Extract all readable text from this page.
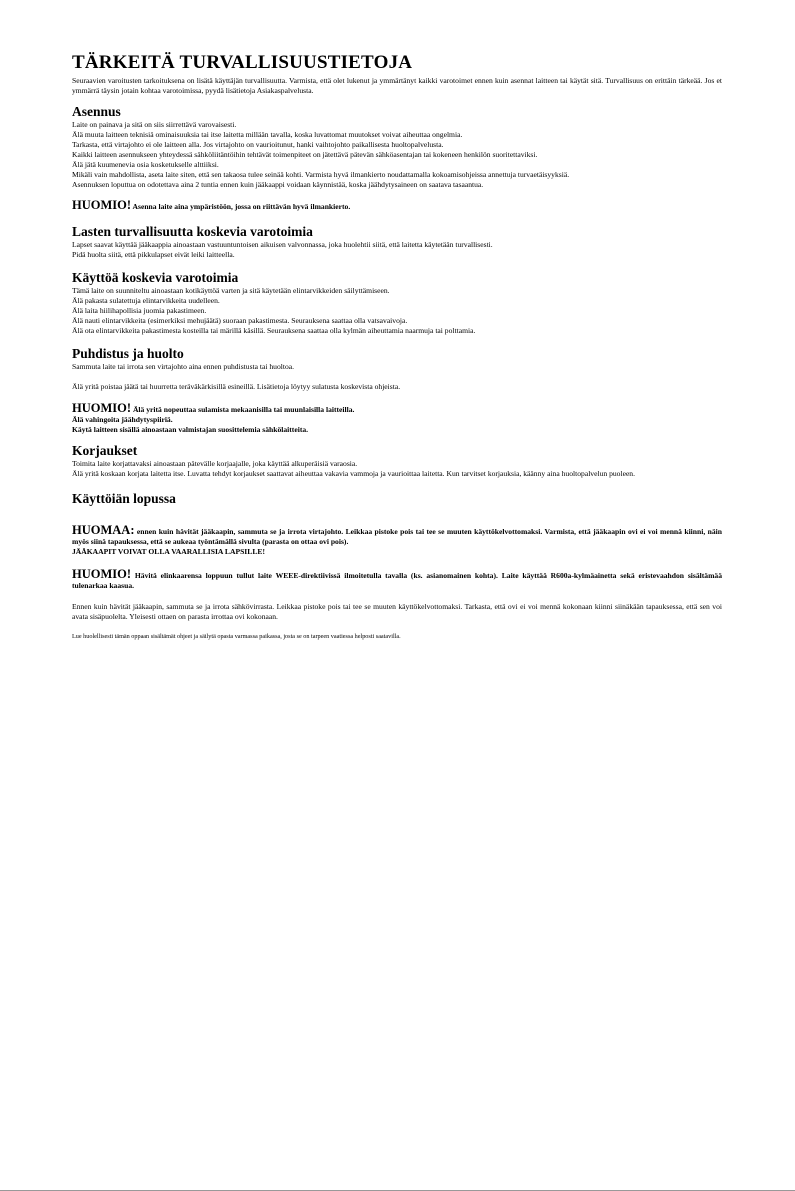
TÄRKEITÄ TURVALLISUUSTIETOJA

Seuraavien varoitusten tarkoituksena on lisätä käyttäjän turvallisuutta. Varmista, että olet lukenut ja ymmärtänyt kaikki varotoimet ennen kuin asennat laitteen tai käytät sitä. Turvallisuus on erittäin tärkeää. Jos et ymmärrä täysin jotain kohtaa varotoimissa, pyydä lisätietoja Asiakaspalvelusta.

Asennus

Laite on painava ja sitä on siis siirrettävä varovaisesti.

Älä muuta laitteen teknisiä ominaisuuksia tai itse laitetta millään tavalla, koska luvattomat muutokset voivat aiheuttaa ongelmia.

Tarkasta, että virtajohto ei ole laitteen alla. Jos virtajohto on vaurioitunut, hanki vaihtojohto paikallisesta huoltopalvelusta.

Kaikki laitteen asennukseen yhteydessä sähköliitäntöihin tehtävät toimenpiteet on jätettävä pätevän sähköasentajan tai kokeneen henkilön suoritettaviksi.

Älä jätä kuumenevia osia kosketukselle alttiiksi.

Mikäli vain mahdollista, aseta laite siten, että sen takaosa tulee seinää kohti. Varmista hyvä ilmankierto noudattamalla kokoamisohjeissa annettuja turvaetäisyyksiä.

Asennuksen loputtua on odotettava aina 2 tuntia ennen kuin jääkaappi voidaan käynnistää, koska jäähdytysaineen on saatava tasaantua.

HUOMIO! Asenna laite aina ympäristöön, jossa on riittävän hyvä ilmankierto.
Lasten turvallisuutta koskevia varotoimia

Lapset saavat käyttää jääkaappia ainoastaan vastuuntuntoisen aikuisen valvonnassa, joka huolehtii siitä, että laitetta käytetään turvallisesti.

Pidä huolta siitä, että pikkulapset eivät leiki laitteella.

Käyttöä koskevia varotoimia

Tämä laite on suunniteltu ainoastaan kotikäyttöä varten ja sitä käytetään elintarvikkeiden säilyttämiseen.

Älä pakasta sulatettuja elintarvikkeita uudelleen.

Älä laita hiilihapollisia juomia pakastimeen.

Älä nauti elintarvikkeita (esimerkiksi mehujäätä) suoraan pakastimesta. Seurauksena saattaa olla vatsavaivoja.

Älä ota elintarvikkeita pakastimesta kosteilla tai märillä käsillä. Seurauksena saattaa olla kylmän aiheuttamia naarmuja tai polttamia.

Puhdistus ja huolto

Sammuta laite tai irrota sen virtajohto aina ennen puhdistusta tai huoltoa.

Älä yritä poistaa jäätä tai huurretta teräväkärkisillä esineillä. Lisätietoja löytyy sulatusta koskevista ohjeista.

HUOMIO! Älä yritä nopeuttaa sulamista mekaanisilla tai muunlaisilla laitteilla.
Älä vahingoita jäähdytyspiiriä.
Käytä laitteen sisällä ainoastaan valmistajan suosittelemia sähkölaitteita.
Korjaukset

Toimita laite korjattavaksi ainoastaan pätevälle korjaajalle, joka käyttää alkuperäisiä varaosia.

Älä yritä koskaan korjata laitetta itse. Luvatta tehdyt korjaukset saattavat aiheuttaa vakavia vammoja ja vaurioittaa laitetta. Kun tarvitset korjauksia, käänny aina huoltopalvelun puoleen.

Käyttöiän lopussa
HUOMAA: ennen kuin hävität jääkaapin, sammuta se ja irrota virtajohto. Leikkaa pistoke pois tai tee se muuten käyttökelvottomaksi. Varmista, että jääkaapin ovi ei voi mennä kiinni, näin myös siinä tapauksessa, että se aukeaa työntämällä sivulta (parasta on ottaa ovi pois).
JÄÄKAAPIT VOIVAT OLLA VAARALLISIA LAPSILLE!
HUOMIO! Hävitä elinkaarensa loppuun tullut laite WEEE-direktiivissä ilmoitetulla tavalla (ks. asianomainen kohta). Laite käyttää R600a-kylmäainetta sekä eristevaahdon sisältämää tulenarkaa kaasua.

Ennen kuin hävität jääkaapin, sammuta se ja irrota sähkövirrasta. Leikkaa pistoke pois tai tee se muuten käyttökelvottomaksi. Tarkasta, että ovi ei voi mennä kokonaan kiinni siinäkään tapauksessa, että sen voi avata sisäpuolelta. Yleisesti ottaen on parasta irrottaa ovi kokonaan.

Lue huolellisesti tämän oppaan sisältämät ohjeet ja säilytä opasta varmassa paikassa, josta se on tarpeen vaatiessa helposti saatavilla.
